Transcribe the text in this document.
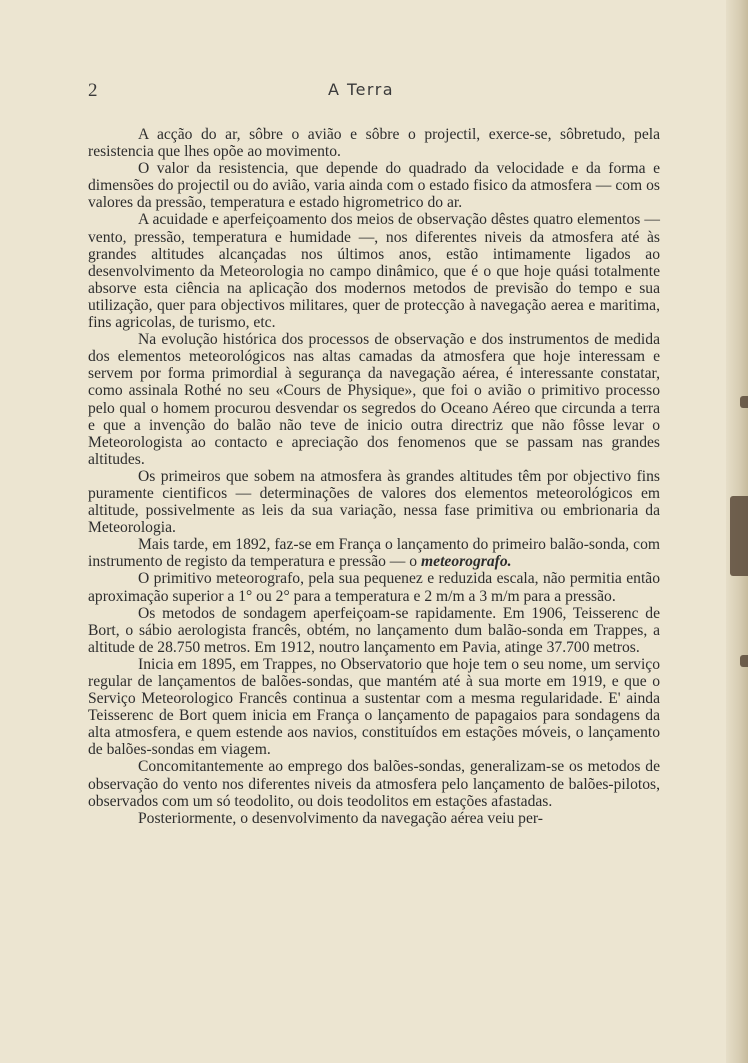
2	A Terra

A acção do ar, sôbre o avião e sôbre o projectil, exerce-se, sôbretudo, pela resistencia que lhes opõe ao movimento.

O valor da resistencia, que depende do quadrado da velocidade e da forma e dimensões do projectil ou do avião, varia ainda com o estado fisico da atmosfera — com os valores da pressão, temperatura e estado higrometrico do ar.

A acuidade e aperfeiçoamento dos meios de observação dêstes quatro elementos — vento, pressão, temperatura e humidade —, nos diferentes niveis da atmosfera até às grandes altitudes alcançadas nos últimos anos, estão intimamente ligados ao desenvolvimento da Meteorologia no campo dinâmico, que é o que hoje quási totalmente absorve esta ciência na aplicação dos modernos metodos de previsão do tempo e sua utilização, quer para objectivos militares, quer de protecção à navegação aerea e maritima, fins agricolas, de turismo, etc.

Na evolução histórica dos processos de observação e dos instrumentos de medida dos elementos meteorológicos nas altas camadas da atmosfera que hoje interessam e servem por forma primordial à segurança da navegação aérea, é interessante constatar, como assinala Rothé no seu «Cours de Physique», que foi o avião o primitivo processo pelo qual o homem procurou desvendar os segredos do Oceano Aéreo que circunda a terra e que a invenção do balão não teve de inicio outra directriz que não fôsse levar o Meteorologista ao contacto e apreciação dos fenomenos que se passam nas grandes altitudes.

Os primeiros que sobem na atmosfera às grandes altitudes têm por objectivo fins puramente cientificos — determinações de valores dos elementos meteorológicos em altitude, possivelmente as leis da sua variação, nessa fase primitiva ou embrionaria da Meteorologia.

Mais tarde, em 1892, faz-se em França o lançamento do primeiro balão-sonda, com instrumento de registo da temperatura e pressão — o meteorografo.

O primitivo meteorografo, pela sua pequenez e reduzida escala, não permitia então aproximação superior a 1° ou 2° para a temperatura e 2 m/m a 3 m/m para a pressão.

Os metodos de sondagem aperfeiçoam-se rapidamente. Em 1906, Teisserenc de Bort, o sábio aerologista francês, obtém, no lançamento dum balão-sonda em Trappes, a altitude de 28.750 metros. Em 1912, noutro lançamento em Pavia, atinge 37.700 metros.

Inicia em 1895, em Trappes, no Observatorio que hoje tem o seu nome, um serviço regular de lançamentos de balões-sondas, que mantém até à sua morte em 1919, e que o Serviço Meteorologico Francês continua a sustentar com a mesma regularidade. E' ainda Teisserenc de Bort quem inicia em França o lançamento de papagaios para sondagens da alta atmosfera, e quem estende aos navios, constituídos em estações móveis, o lançamento de balões-sondas em viagem.

Concomitantemente ao emprego dos balões-sondas, generalizam-se os metodos de observação do vento nos diferentes niveis da atmosfera pelo lançamento de balões-pilotos, observados com um só teodolito, ou dois teodolitos em estações afastadas.

Posteriormente, o desenvolvimento da navegação aérea veiu per-
